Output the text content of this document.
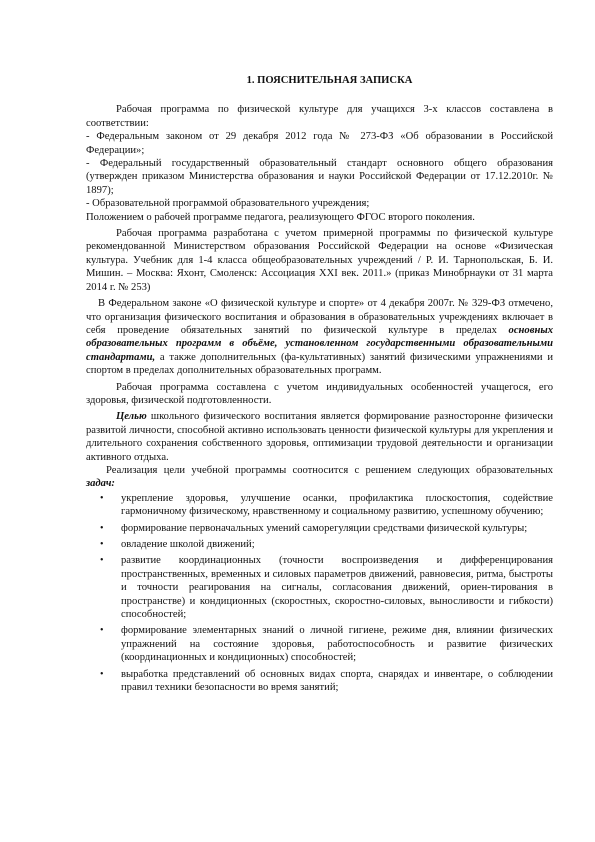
1. ПОЯСНИТЕЛЬНАЯ ЗАПИСКА

Рабочая программа по физической культуре для учащихся 3-х классов составлена в соответствии:

- Федеральным законом от 29 декабря 2012 года № 273-ФЗ «Об образовании в Российской Федерации»;

- Федеральный государственный образовательный стандарт основного общего образования (утвержден приказом Министерства образования и науки Российской Федерации от 17.12.2010г. № 1897);

- Образовательной программой образовательного учреждения;

Положением о рабочей программе педагога, реализующего ФГОС второго поколения.

Рабочая программа разработана с учетом примерной программы по физической культуре рекомендованной Министерством образования Российской Федерации на основе «Физическая культура. Учебник для 1-4 класса общеобразовательных учреждений / Р. И. Тарнопольская, Б. И. Мишин. – Москва: Яхонт, Смоленск: Ассоциация XXI век. 2011.» (приказ Минобрнауки от 31 марта 2014 г. № 253)

В Федеральном законе «О физической культуре и спорте» от 4 декабря 2007г. № 329-ФЗ отмечено, что организация физического воспитания и образования в образовательных учреждениях включает в себя проведение обязательных занятий по физической культуре в пределах основных образовательных программ в объёме, установленном государственными образовательными стандартами, а также дополнительных (фа-культативных) занятий физическими упражнениями и спортом в пределах дополнительных образовательных программ.

Рабочая программа составлена с учетом индивидуальных особенностей учащегося, его здоровья, физической подготовленности.

Целью школьного физического воспитания является формирование разносторонне физически развитой личности, способной активно использовать ценности физической культуры для укрепления и длительного сохранения собственного здоровья, оптимизации трудовой деятельности и организации активного отдыха.

Реализация цели учебной программы соотносится с решением следующих образовательных задач:

• укрепление здоровья, улучшение осанки, профилактика плоскостопия, содействие гармоничному физическому, нравственному и социальному развитию, успешному обучению;
• формирование первоначальных умений саморегуляции средствами физической культуры;
• овладение школой движений;
• развитие координационных (точности воспроизведения и дифференцирования пространственных, временных и силовых параметров движений, равновесия, ритма, быстроты и точности реагирования на сигналы, согласования движений, ориен-тирования в пространстве) и кондиционных (скоростных, скоростно-силовых, выносливости и гибкости) способностей;
• формирование элементарных знаний о личной гигиене, режиме дня, влиянии физических упражнений на состояние здоровья, работоспособность и развитие физических (координационных и кондиционных) способностей;
• выработка представлений об основных видах спорта, снарядах и инвентаре, о соблюдении правил техники безопасности во время занятий;
